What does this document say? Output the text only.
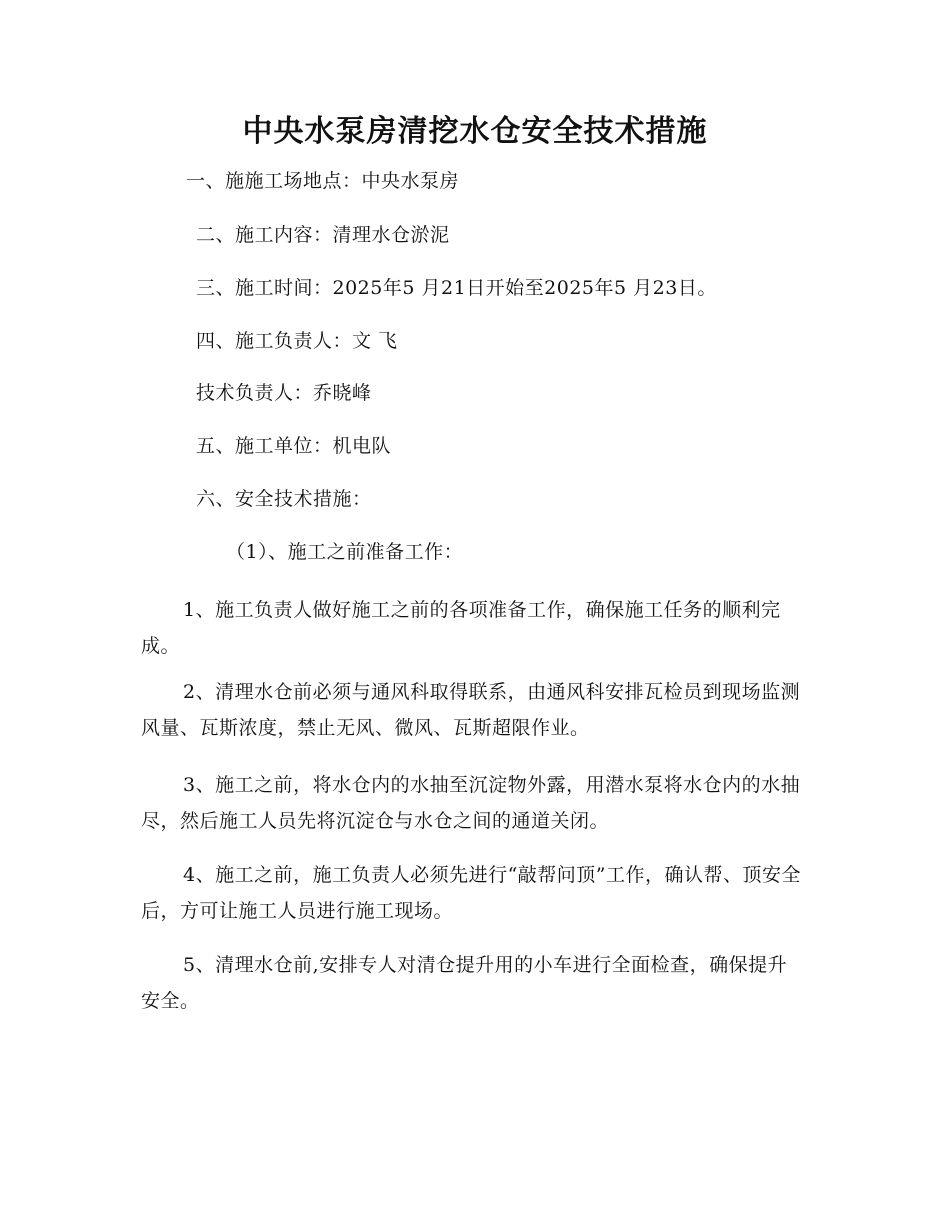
中央水泵房清挖水仓安全技术措施
一、施施工场地点：中央水泵房
二、施工内容：清理水仓淤泥
三、施工时间：2025年5 月21日开始至2025年5 月23日。
四、施工负责人：文 飞
技术负责人：乔晓峰
五、施工单位：机电队
六、安全技术措施：
（1）、施工之前准备工作：

1、施工负责人做好施工之前的各项准备工作，确保施工任务的顺利完成。

2、清理水仓前必须与通风科取得联系，由通风科安排瓦检员到现场监测风量、瓦斯浓度，禁止无风、微风、瓦斯超限作业。

3、施工之前，将水仓内的水抽至沉淀物外露，用潜水泵将水仓内的水抽尽，然后施工人员先将沉淀仓与水仓之间的通道关闭。

4、施工之前，施工负责人必须先进行“敲帮问顶”工作，确认帮、顶安全后，方可让施工人员进行施工现场。

5、清理水仓前,安排专人对清仓提升用的小车进行全面检查，确保提升安全。
